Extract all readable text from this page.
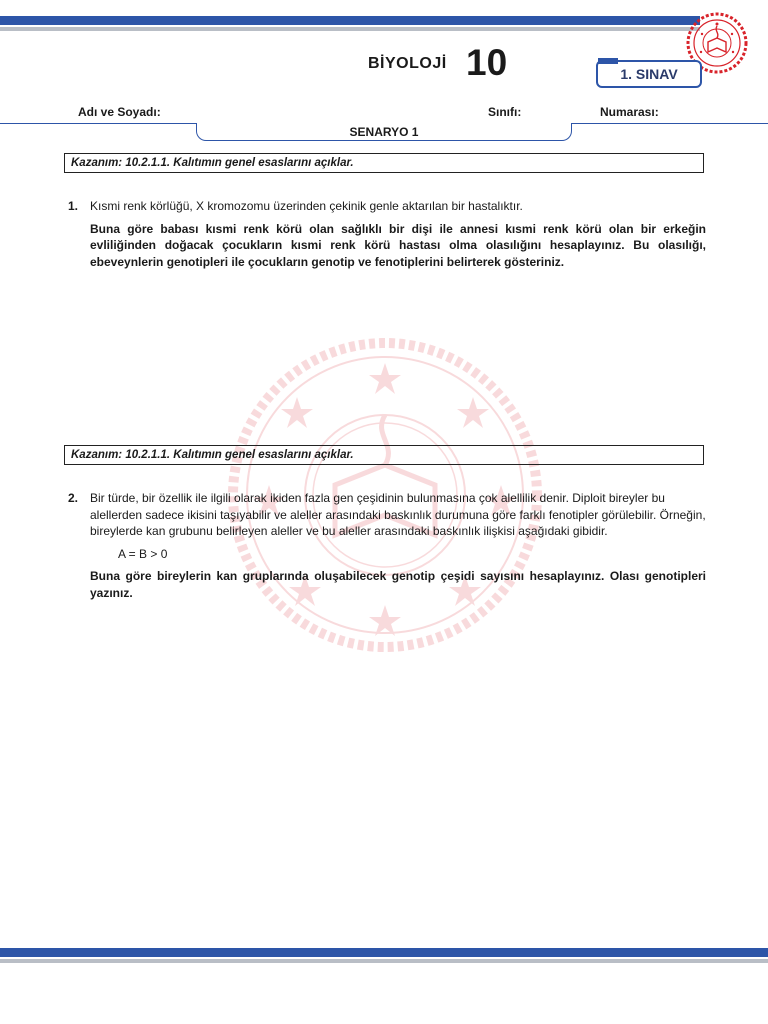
BİYOLOJİ 10	1. SINAV
Adı ve Soyadı:	Sınıfı:	Numarası:
SENARYO 1
Kazanım: 10.2.1.1. Kalıtımın genel esaslarını açıklar.
1. Kısmi renk körlüğü, X kromozomu üzerinden çekinik genle aktarılan bir hastalıktır.

Buna göre babası kısmi renk körü olan sağlıklı bir dişi ile annesi kısmi renk körü olan bir erkeğin evliliğinden doğacak çocukların kısmi renk körü hastası olma olasılığını hesaplayınız. Bu olasılığı, ebeveynlerin genotipleri ile çocukların genotip ve fenotiplerini belirterek gösteriniz.

Kazanım: 10.2.1.1. Kalıtımın genel esaslarını açıklar.
2. Bir türde, bir özellik ile ilgili olarak ikiden fazla gen çeşidinin bulunmasına çok alellilik denir. Diploit bireyler bu alellerden sadece ikisini taşıyabilir ve aleller arasındaki baskınlık durumuna göre farklı fenotipler görülebilir. Örneğin, bireylerde kan grubunu belirleyen aleller ve bu aleller arasındaki baskınlık ilişkisi aşağıdaki gibidir.

A = B > 0

Buna göre bireylerin kan gruplarında oluşabilecek genotip çeşidi sayısını hesaplayınız. Olası genotipleri yazınız.
